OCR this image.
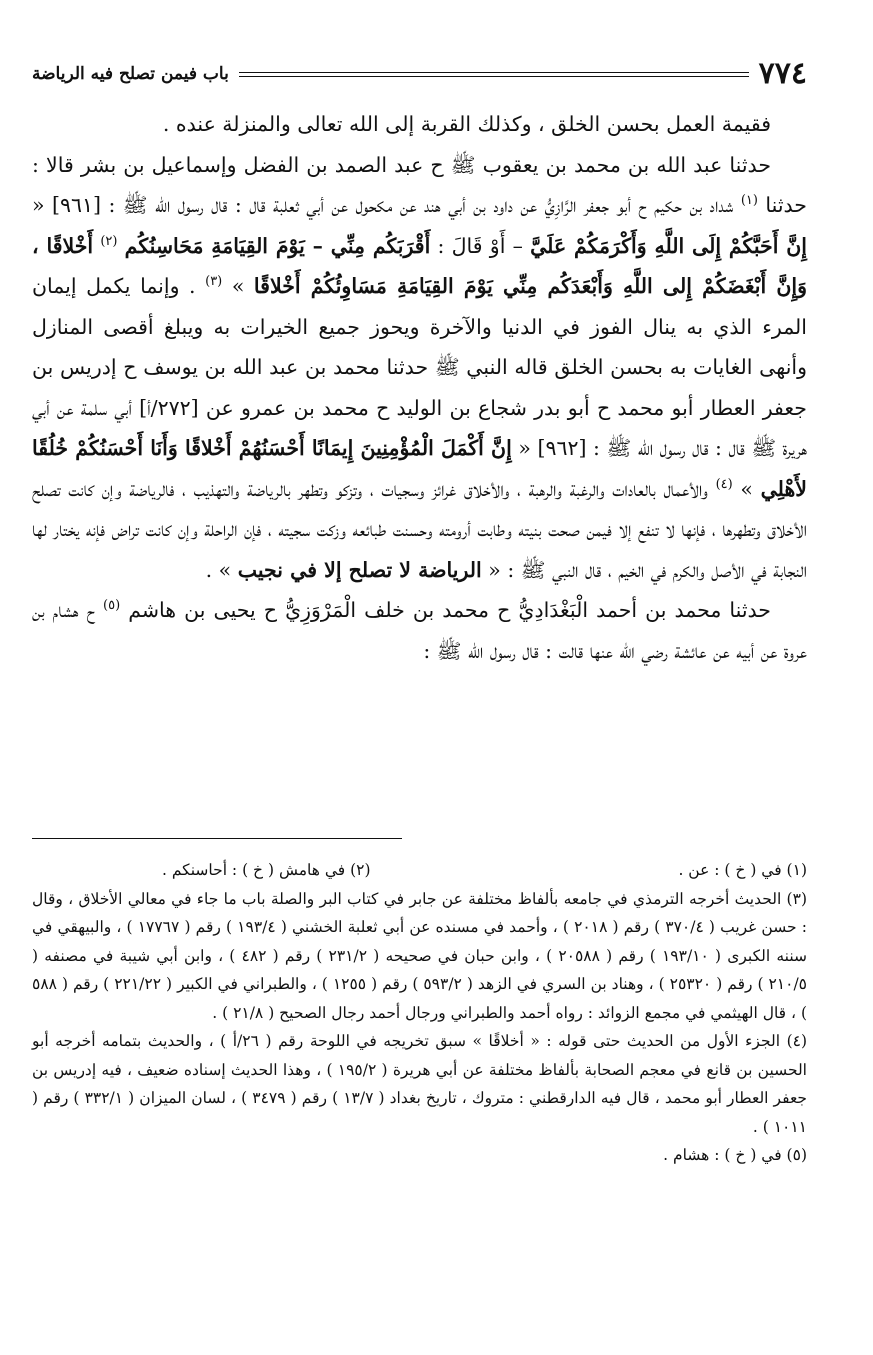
٧٧٤
باب فيمن تصلح فيه الرياضة

فقيمة العمل بحسن الخلق ، وكذلك القربة إلى الله تعالى والمنزلة عنده .

حدثنا عبد الله بن محمد بن يعقوب ﷺ ح عبد الصمد بن الفضل وإسماعيل بن بشر قالا : حدثنا $^{(١)}$ شداد بن حكيم ح أبو جعفر الرَّازِيُّ عن داود بن أبي هند عن مكحول عن أبي ثعلبة قال : قال رسول الله ﷺ : [٩٦١] « إِنَّ أَحَبَّكُمْ إِلَى اللَّهِ وَأَكْرَمَكُمْ عَلَيَّ – أَوْ قَالَ : أَقْرَبَكُم مِنِّي – يَوْمَ القِيَامَةِ مَحَاسِنُكُم $^{(٢)}$ أَخْلاقًا ، وَإِنَّ أَبْغَضَكُمْ إِلى اللَّهِ وَأَبْعَدَكُم مِنِّي يَوْمَ القِيَامَةِ مَسَاوِئُكُمْ أَخْلاقًا » $^{(٣)}$ . وإنما يكمل إيمان المرء الذي به ينال الفوز في الدنيا والآخرة ويحوز جميع الخيرات به ويبلغ أقصى المنازل وأنهى الغايات به بحسن الخلق قاله النبي ﷺ حدثنا محمد بن عبد الله بن يوسف ح إدريس بن جعفر العطار أبو محمد ح أبو بدر شجاع بن الوليد ح محمد بن عمرو عن [٢٧٢/أ] أبي سلمة عن أبي هريرة ﷺ قال : قال رسول الله ﷺ : [٩٦٢] « إِنَّ أَكْمَلَ الْمُؤْمِنِينَ إِيمَانًا أَحْسَنُهُمْ أَخْلاقًا وَأَنَا أَحْسَنُكُمْ خُلُقًا لأَهْلِي » $^{(٤)}$ والأعمال بالعادات والرغبة والرهبة ، والأخلاق غرائز وسجيات ، وتزكو وتطهر بالرياضة والتهذيب ، فالرياضة وإن كانت تصلح الأخلاق وتطهرها ، فإنها لا تنفع إلا فيمن صحت بنيته وطابت أرومته وحسنت طبائعه وزكت سجيته ، فإن الراحلة وإن كانت تراض فإنه يختار لها النجابة في الأصل والكرم في الخيم ، قال النبي ﷺ : « الرياضة لا تصلح إلا في نجيب » .

حدثنا محمد بن أحمد الْبَغْدَادِيُّ ح محمد بن خلف الْمَرْوَزِيُّ ح يحيى بن هاشم $^{(٥)}$ ح هشام بن عروة عن أبيه عن عائشة رضي الله عنها قالت : قال رسول الله ﷺ :

(١) في ( خ ) : عن .
(٢) في هامش ( خ ) : أحاسنكم .

(٣) الحديث أخرجه الترمذي في جامعه بألفاظ مختلفة عن جابر في كتاب البر والصلة باب ما جاء في معالي الأخلاق ، وقال : حسن غريب ( ٣٧٠/٤ ) رقم ( ٢٠١٨ ) ، وأحمد في مسنده عن أبي ثعلبة الخشني ( ١٩٣/٤ ) رقم ( ١٧٧٦٧ ) ، والبيهقي في سننه الكبرى ( ١٩٣/١٠ ) رقم ( ٢٠٥٨٨ ) ، وابن حبان في صحيحه ( ٢٣١/٢ ) رقم ( ٤٨٢ ) ، وابن أبي شيبة في مصنفه ( ٢١٠/٥ ) رقم ( ٢٥٣٢٠ ) ، وهناد بن السري في الزهد ( ٥٩٣/٢ ) رقم ( ١٢٥٥ ) ، والطبراني في الكبير ( ٢٢١/٢٢ ) رقم ( ٥٨٨ ) ، قال الهيثمي في مجمع الزوائد : رواه أحمد والطبراني ورجال أحمد رجال الصحيح ( ٢١/٨ ) .

(٤) الجزء الأول من الحديث حتى قوله : « أخلاقًا » سبق تخريجه في اللوحة رقم ( ٢٦/أ ) ، والحديث بتمامه أخرجه أبو الحسين بن قانع في معجم الصحابة بألفاظ مختلفة عن أبي هريرة ( ١٩٥/٢ ) ، وهذا الحديث إسناده ضعيف ، فيه إدريس بن جعفر العطار أبو محمد ، قال فيه الدارقطني : متروك ، تاريخ بغداد ( ١٣/٧ ) رقم ( ٣٤٧٩ ) ، لسان الميزان ( ٣٣٢/١ ) رقم ( ١٠١١ ) .

(٥) في ( خ ) : هشام .
